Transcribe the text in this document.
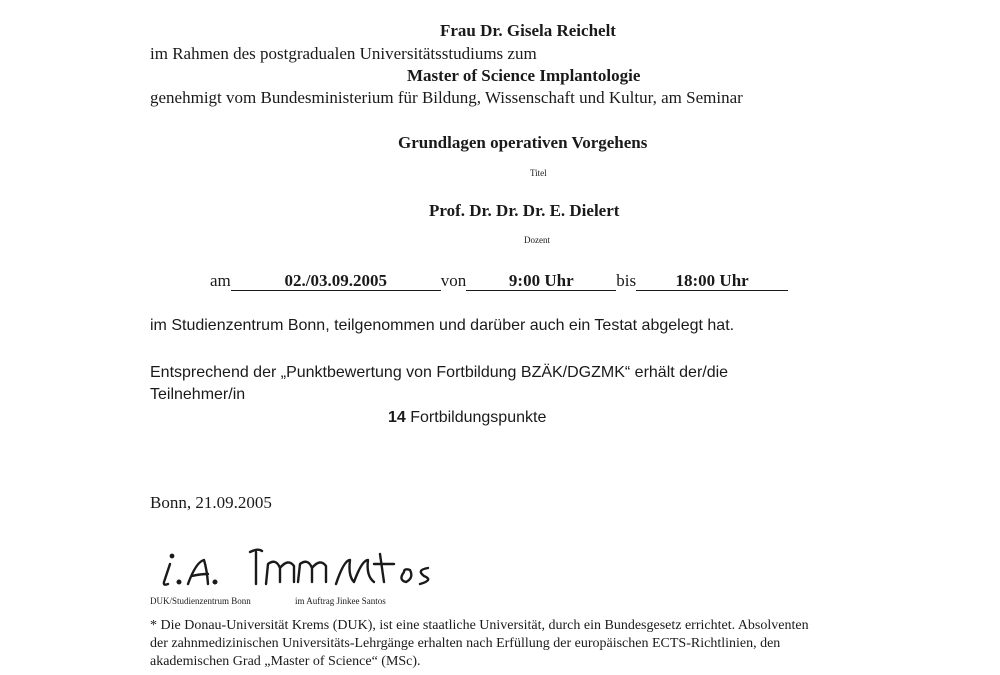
Frau Dr. Gisela Reichelt
im Rahmen des postgradualen Universitätsstudiums zum
Master of Science Implantologie
genehmigt vom Bundesministerium für Bildung, Wissenschaft und Kultur, am Seminar
Grundlagen operativen Vorgehens
Titel
Prof. Dr. Dr. Dr. E. Dielert
Dozent
am	02./03.09.2005	von	9:00 Uhr	bis 18:00 Uhr
im Studienzentrum Bonn, teilgenommen und darüber auch ein Testat abgelegt hat.
Entsprechend der „Punktbewertung von Fortbildung BZÄK/DGZMK“ erhält der/die
Teilnehmer/in
14 Fortbildungspunkte
Bonn, 21.09.2005
DUK/Studienzentrum Bonn	im Auftrag Jinkee Santos
* Die Donau-Universität Krems (DUK), ist eine staatliche Universität, durch ein Bundesgesetz errichtet. Absolventen
der zahnmedizinischen Universitäts-Lehrgänge erhalten nach Erfüllung der europäischen ECTS-Richtlinien, den
akademischen Grad „Master of Science“ (MSc).
